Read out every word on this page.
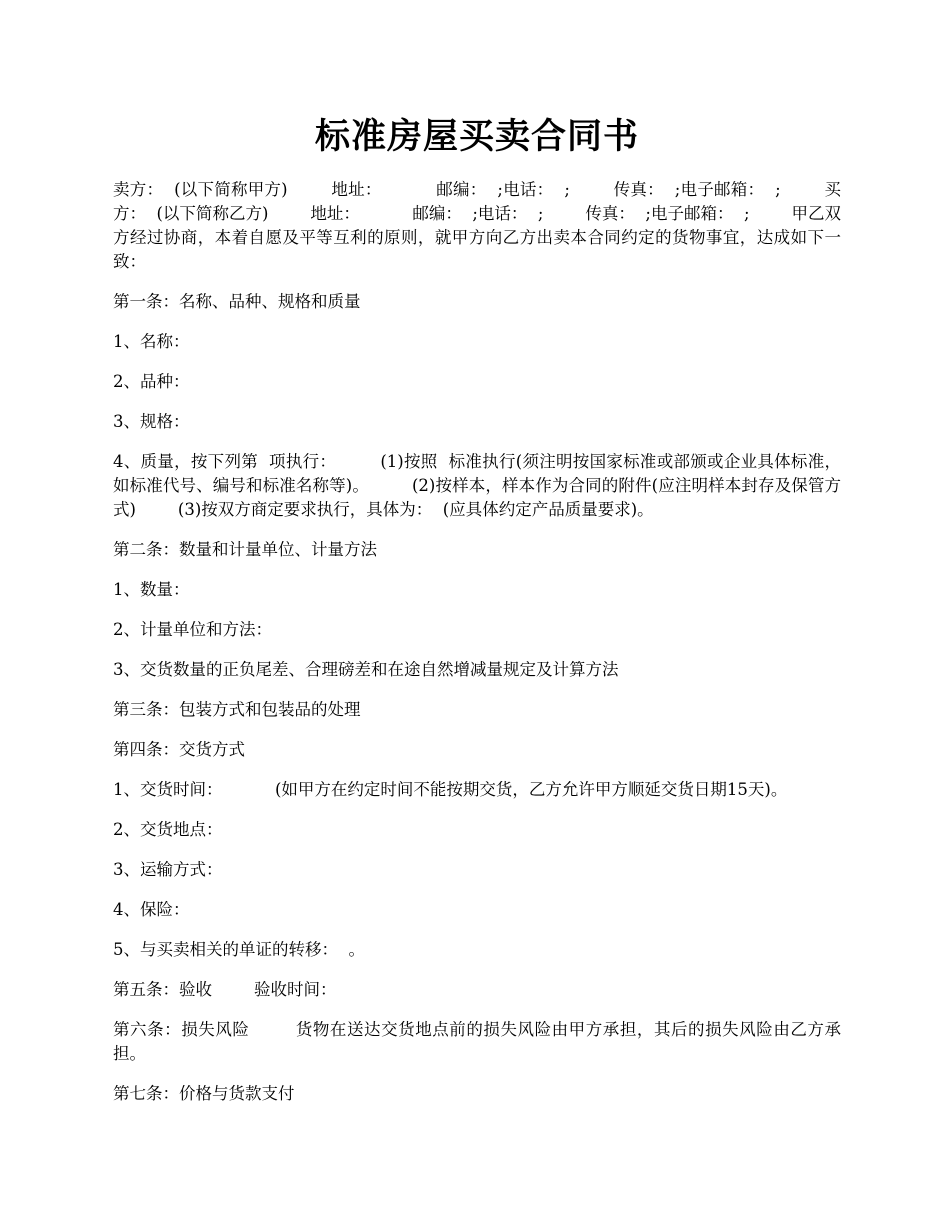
标准房屋买卖合同书

卖方：  (以下简称甲方)        地址：          邮编：  ;电话：  ;        传真：  ;电子邮箱：  ;        买方：  (以下简称乙方)        地址：          邮编：  ;电话：  ;        传真：  ;电子邮箱：  ;        甲乙双方经过协商，本着自愿及平等互利的原则，就甲方向乙方出卖本合同约定的货物事宜，达成如下一致：

第一条：名称、品种、规格和质量

1、名称：

2、品种：

3、规格：

4、质量，按下列第  项执行：        (1)按照  标准执行(须注明按国家标准或部颁或企业具体标准，如标准代号、编号和标准名称等)。        (2)按样本，样本作为合同的附件(应注明样本封存及保管方式)        (3)按双方商定要求执行，具体为：  (应具体约定产品质量要求)。

第二条：数量和计量单位、计量方法

1、数量：

2、计量单位和方法：

3、交货数量的正负尾差、合理磅差和在途自然增减量规定及计算方法

第三条：包装方式和包装品的处理

第四条：交货方式

1、交货时间：          (如甲方在约定时间不能按期交货，乙方允许甲方顺延交货日期15天)。

2、交货地点：

3、运输方式：

4、保险：

5、与买卖相关的单证的转移：  。

第五条：验收        验收时间：

第六条：损失风险        货物在送达交货地点前的损失风险由甲方承担，其后的损失风险由乙方承担。

第七条：价格与货款支付
